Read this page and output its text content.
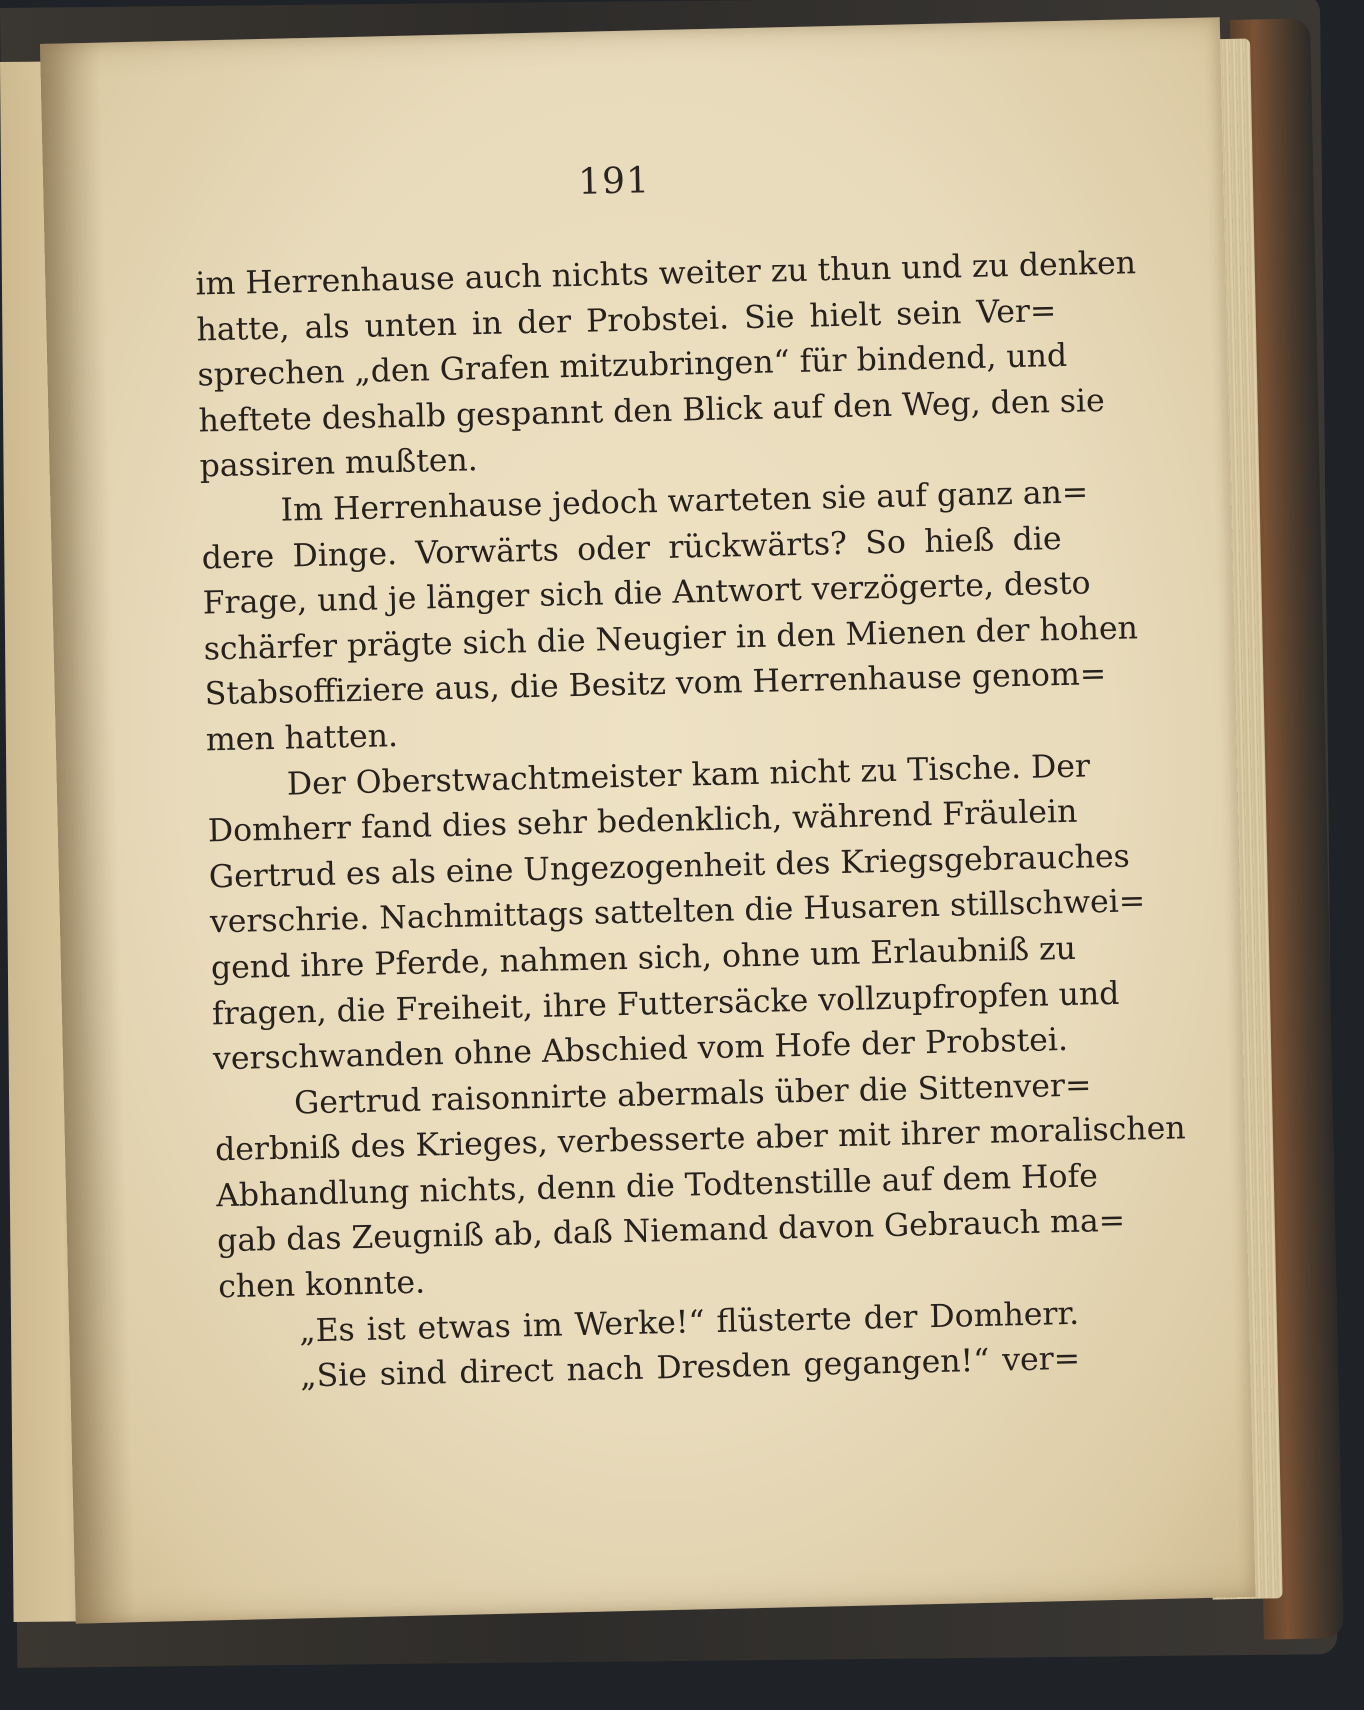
191
im Herrenhause auch nichts weiter zu thun und zu denken
hatte, als unten in der Probstei. Sie hielt sein Ver=
sprechen „den Grafen mitzubringen“ für bindend, und
heftete deshalb gespannt den Blick auf den Weg, den sie
passiren mußten.
Im Herrenhause jedoch warteten sie auf ganz an=
dere Dinge. Vorwärts oder rückwärts? So hieß die
Frage, und je länger sich die Antwort verzögerte, desto
schärfer prägte sich die Neugier in den Mienen der hohen
Stabsoffiziere aus, die Besitz vom Herrenhause genom=
men hatten.
Der Oberstwachtmeister kam nicht zu Tische. Der
Domherr fand dies sehr bedenklich, während Fräulein
Gertrud es als eine Ungezogenheit des Kriegsgebrauches
verschrie. Nachmittags sattelten die Husaren stillschwei=
gend ihre Pferde, nahmen sich, ohne um Erlaubniß zu
fragen, die Freiheit, ihre Futtersäcke vollzupfropfen und
verschwanden ohne Abschied vom Hofe der Probstei.
Gertrud raisonnirte abermals über die Sittenver=
derbniß des Krieges, verbesserte aber mit ihrer moralischen
Abhandlung nichts, denn die Todtenstille auf dem Hofe
gab das Zeugniß ab, daß Niemand davon Gebrauch ma=
chen konnte.
„Es ist etwas im Werke!“ flüsterte der Domherr.
„Sie sind direct nach Dresden gegangen!“ ver=
